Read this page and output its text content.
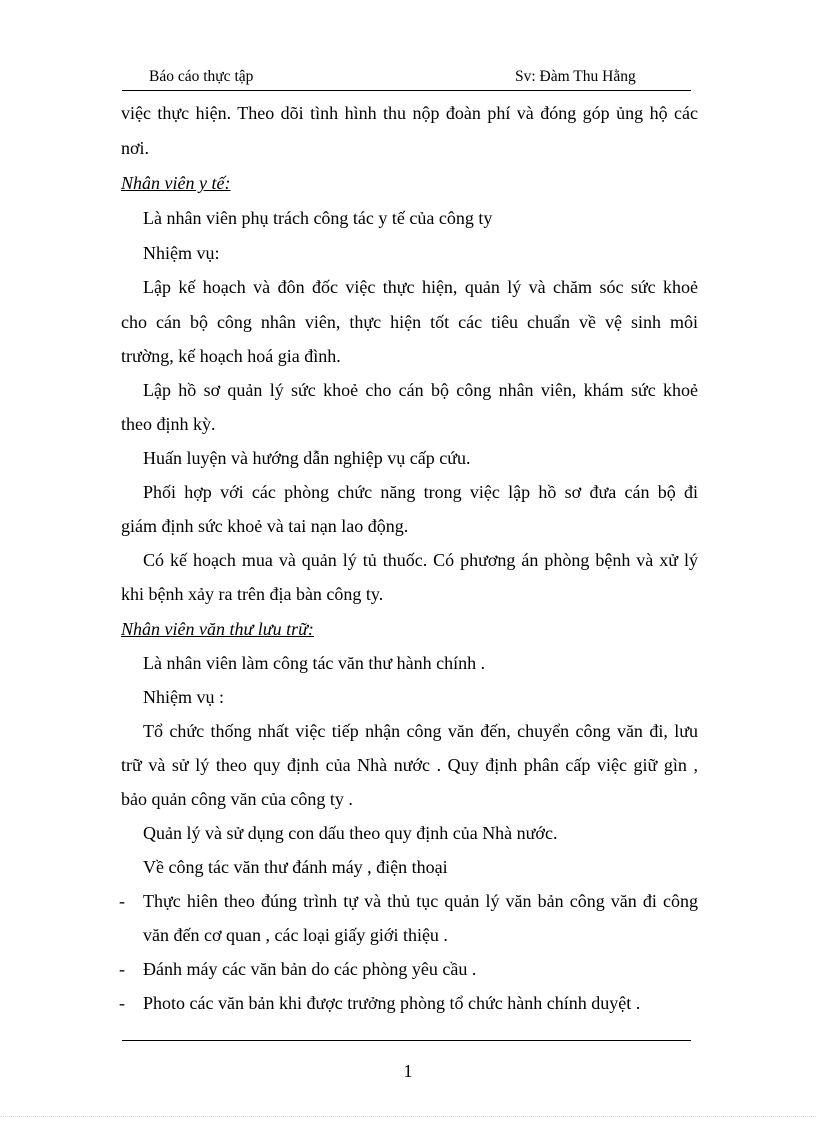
Báo cáo thực tập	Sv: Đàm Thu Hằng
việc thực hiện. Theo dõi tình hình thu nộp đoàn phí và đóng góp ủng hộ các
nơi.
Nhân viên y tế:
Là nhân viên phụ trách công tác y tế của công ty
Nhiệm vụ:
Lập kế hoạch và đôn đốc việc thực hiện, quản lý và chăm sóc sức khoẻ
cho cán bộ công nhân viên, thực hiện tốt các tiêu chuẩn về vệ sinh môi
trường, kế hoạch hoá gia đình.
Lập hồ sơ quản lý sức khoẻ cho cán bộ công nhân viên, khám sức khoẻ
theo định kỳ.
Huấn luyện và hướng dẫn nghiệp vụ cấp cứu.
Phối hợp với các phòng chức năng trong việc lập hồ sơ đưa cán bộ đi
giám định sức khoẻ và tai nạn lao động.
Có kế hoạch mua và quản lý tủ thuốc. Có phương án phòng bệnh và xử lý
khi bệnh xảy ra trên địa bàn công ty.
Nhân viên văn thư lưu trữ:
Là nhân viên làm công tác văn thư hành chính .
Nhiệm vụ :
Tổ chức thống nhất việc tiếp nhận công văn đến, chuyển công văn đi, lưu
trữ và sử lý theo quy định của Nhà nước . Quy định phân cấp việc giữ gìn ,
bảo quản công văn của công ty .
Quản lý và sử dụng con dấu theo quy định của Nhà nước.
Về công tác văn thư đánh máy , điện thoại
- Thực hiên theo đúng trình tự và thủ tục quản lý văn bản công văn đi công
văn đến cơ quan , các loại giấy giới thiệu .
- Đánh máy các văn bản do các phòng yêu cầu .
- Photo các văn bản khi được trưởng phòng tổ chức hành chính duyệt .
1
